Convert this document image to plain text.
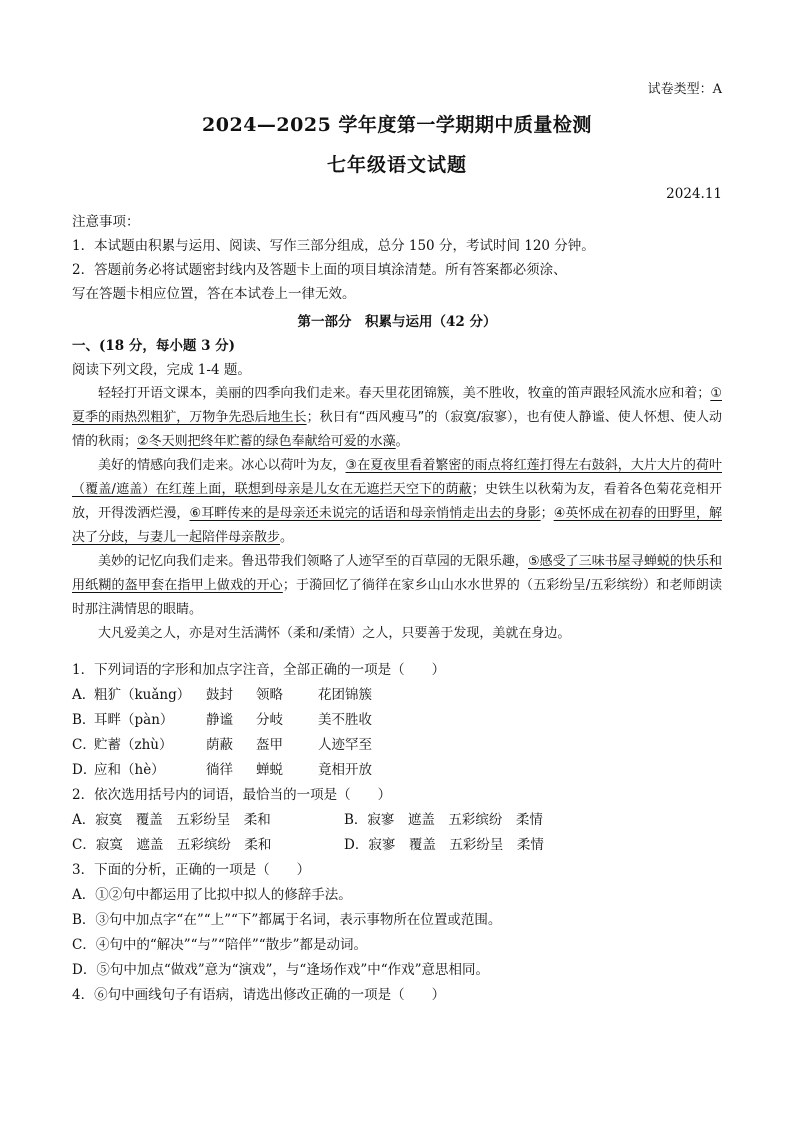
试卷类型：A
2024—2025 学年度第一学期期中质量检测
七年级语文试题
2024.11
注意事项：
1．本试题由积累与运用、阅读、写作三部分组成，总分 150 分，考试时间 120 分钟。
2．答题前务必将试题密封线内及答题卡上面的项目填涂清楚。所有答案都必须涂、
写在答题卡相应位置，答在本试卷上一律无效。
第一部分　积累与运用（42 分）
一、(18 分，每小题 3 分)
阅读下列文段，完成 1-4 题。

轻轻打开语文课本，美丽的四季向我们走来。春天里花团锦簇，美不胜收，牧童的笛声跟轻风流水应和着；①夏季的雨热烈粗犷，万物争先恐后地生长；秋日有“西风瘦马”的（寂寞/寂寥），也有使人静谧、使人怀想、使人动情的秋雨；②冬天则把终年贮蓄的绿色奉献给可爱的水藻。

美好的情感向我们走来。冰心以荷叶为友，③在夏夜里看着繁密的雨点将红莲打得左右鼓斜，大片大片的荷叶（覆盖/遮盖）在红莲上面，联想到母亲是儿女在无遮拦天空下的荫蔽；史铁生以秋菊为友，看着各色菊花竞相开放，开得泼洒烂漫，⑥耳畔传来的是母亲还未说完的话语和母亲悄悄走出去的身影；④英怀成在初春的田野里，解决了分歧，与妻儿一起陪伴母亲散步。

美妙的记忆向我们走来。鲁迅带我们领略了人迹罕至的百草园的无限乐趣，⑤感受了三味书屋寻蝉蜕的快乐和用纸糊的盔甲套在指甲上做戏的开心；于漪回忆了徜徉在家乡山山水水世界的（五彩纷呈/五彩缤纷）和老师朗读时那注满情思的眼睛。

大凡爱美之人，亦是对生活满怀（柔和/柔情）之人，只要善于发现，美就在身边。

1．下列词语的字形和加点字注音，全部正确的一项是（　　）
A．
粗犷（kuǎng）	鼓封	领略	花团锦簇
B．
耳畔（pàn）	静谧	分岐	美不胜收
C．
贮蓄（zhù）	荫蔽	盔甲	人迹罕至
D．
应和（hè）	徜徉	蝉蜕	竟相开放
2．依次选用括号内的词语，最恰当的一项是（　　）
A．寂寞　覆盖　五彩纷呈　柔和	B．寂寥　遮盖　五彩缤纷　柔情
C．寂寞　遮盖　五彩缤纷　柔和	D．寂寥　覆盖　五彩纷呈　柔情
3．下面的分析，正确的一项是（　　）
A．①②句中都运用了比拟中拟人的修辞手法。
B．③句中加点字“在”“上”“下”都属于名词，表示事物所在位置或范围。
C．④句中的“解决”“与”“陪伴”“散步”都是动词。
D．⑤句中加点“做戏”意为“演戏”，与“逢场作戏”中“作戏”意思相同。
4．⑥句中画线句子有语病，请选出修改正确的一项是（　　）
